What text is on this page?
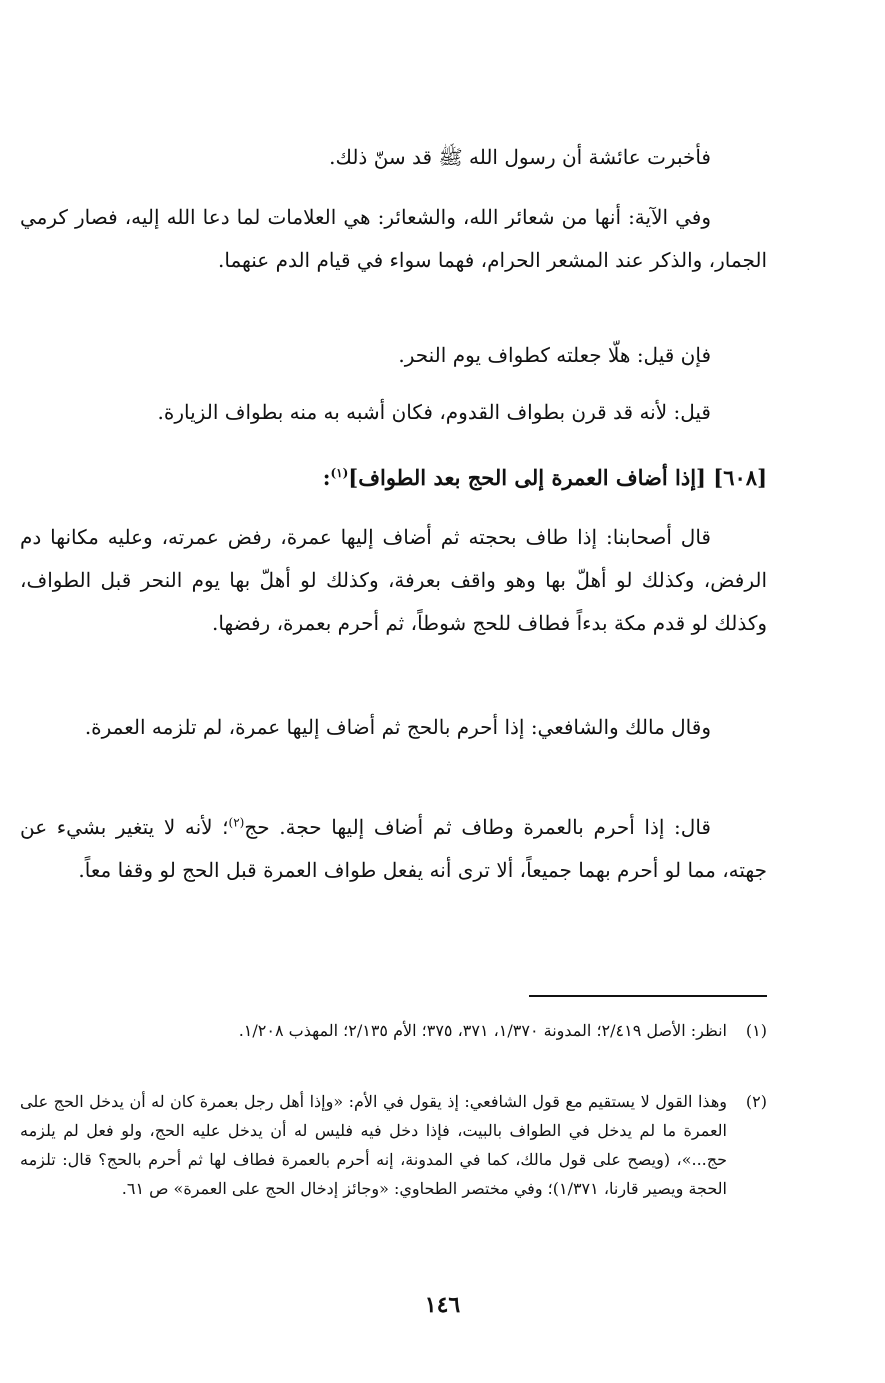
فأخبرت عائشة أن رسول الله ﷺ قد سنّ ذلك.

وفي الآية: أنها من شعائر الله، والشعائر: هي العلامات لما دعا الله إليه، فصار كرمي الجمار، والذكر عند المشعر الحرام، فهما سواء في قيام الدم عنهما.

فإن قيل: هلّا جعلته كطواف يوم النحر.

قيل: لأنه قد قرن بطواف القدوم، فكان أشبه به منه بطواف الزيارة.

[٦٠٨] [إذا أضاف العمرة إلى الحج بعد الطواف]$^{(١)}$:

قال أصحابنا: إذا طاف بحجته ثم أضاف إليها عمرة، رفض عمرته، وعليه مكانها دم الرفض، وكذلك لو أهلّ بها وهو واقف بعرفة، وكذلك لو أهلّ بها يوم النحر قبل الطواف، وكذلك لو قدم مكة بدءاً فطاف للحج شوطاً، ثم أحرم بعمرة، رفضها.

وقال مالك والشافعي: إذا أحرم بالحج ثم أضاف إليها عمرة، لم تلزمه العمرة.

قال: إذا أحرم بالعمرة وطاف ثم أضاف إليها حجة. حج$^{(٢)}$؛ لأنه لا يتغير بشيء عن جهته، مما لو أحرم بهما جميعاً، ألا ترى أنه يفعل طواف العمرة قبل الحج لو وقفا معاً.

(١)
انظر: الأصل ٢/٤١٩؛ المدونة ١/٣٧٠، ٣٧١، ٣٧٥؛ الأم ٢/١٣٥؛ المهذب ١/٢٠٨.
(٢)
وهذا القول لا يستقيم مع قول الشافعي: إذ يقول في الأم: «وإذا أهل رجل بعمرة كان له أن يدخل الحج على العمرة ما لم يدخل في الطواف بالبيت، فإذا دخل فيه فليس له أن يدخل عليه الحج، ولو فعل لم يلزمه حج...»، (ويصح على قول مالك، كما في المدونة، إنه أحرم بالعمرة فطاف لها ثم أحرم بالحج؟ قال: تلزمه الحجة ويصير قارنا، ١/٣٧١)؛ وفي مختصر الطحاوي: «وجائز إدخال الحج على العمرة» ص ٦١.
١٤٦
